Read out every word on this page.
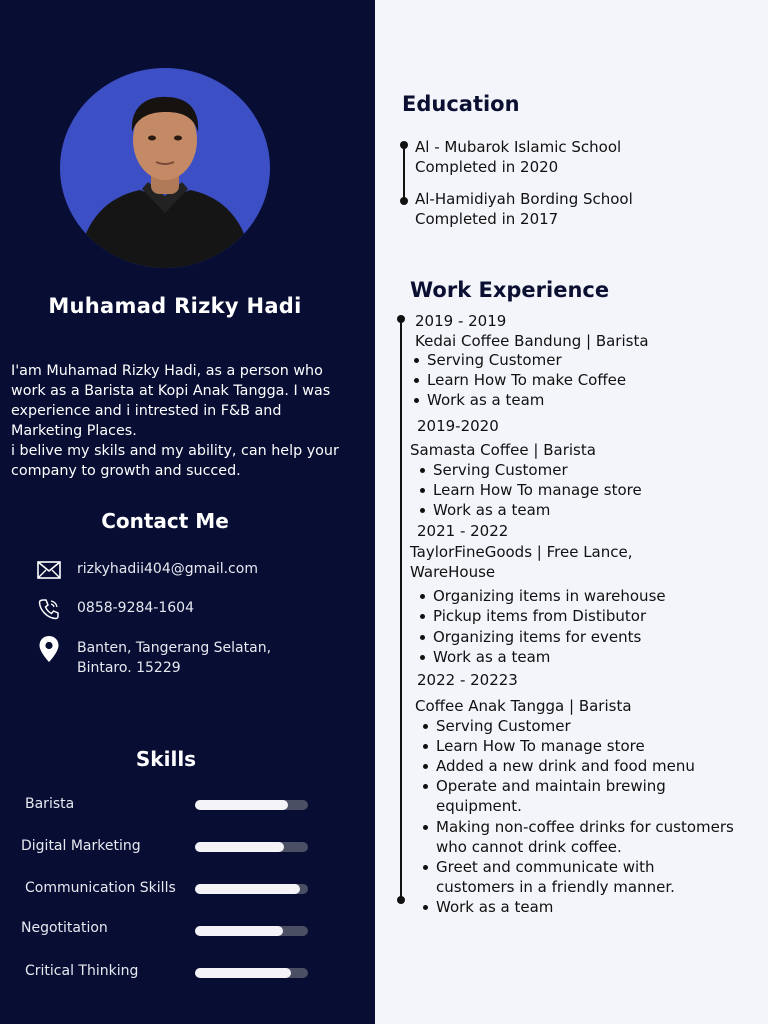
Muhamad Rizky Hadi
I'am Muhamad Rizky Hadi, as a person who
work as a Barista at Kopi Anak Tangga. I was
experience and i intrested in F&B and
Marketing Places.
i belive my skils and my ability, can help your
company to growth and succed.
Contact Me
rizkyhadii404@gmail.com
0858-9284-1604
Banten, Tangerang Selatan,
Bintaro. 15229
Skills
Barista
Digital Marketing
Communication Skills
Negotitation
Critical Thinking
Education
Al - Mubarok Islamic School
Completed in 2020
Al-Hamidiyah Bording School
Completed in 2017
Work Experience
2019 - 2019
Kedai Coffee Bandung | Barista
Serving Customer
Learn How To make Coffee
Work as a team
2019-2020
Samasta Coffee | Barista
Serving Customer
Learn How To manage store
Work as a team
2021 - 2022
TaylorFineGoods | Free Lance,
WareHouse
Organizing items in warehouse
Pickup items from Distibutor
Organizing items for events
Work as a team
2022 - 20223
Coffee Anak Tangga | Barista
Serving Customer
Learn How To manage store
Added a new drink and food menu
Operate and maintain brewing equipment.
Making non-coffee drinks for customers who cannot drink coffee.
Greet and communicate with customers in a friendly manner.
Work as a team
